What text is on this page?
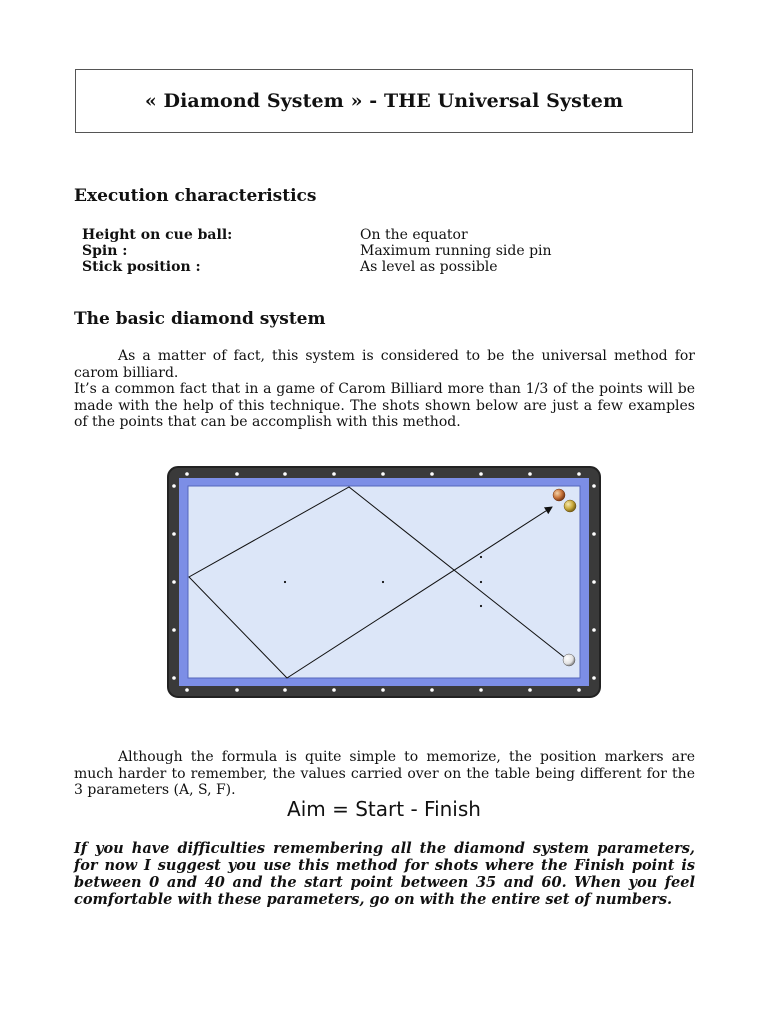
« Diamond System » - THE Universal System
Execution characteristics
Height on cue ball:	On the equator
Spin :	Maximum running side pin
Stick position :	As level as possible
The basic diamond system
As a matter of fact, this system is considered to be the universal method for carom billiard.
It’s a common fact that in a game of Carom Billiard more than 1/3 of the points will be made with the help of this technique. The shots shown below are just a few examples of the points that can be accomplish with this method.
Although the formula is quite simple to memorize, the position markers are much harder to remember, the values carried over on the table being different for the 3 parameters (A, S, F).
Aim = Start - Finish

If you have difficulties remembering all the diamond system parameters, for now I suggest you use this method for shots where the Finish point is between 0 and 40 and the start point between 35 and 60. When you feel comfortable with these parameters, go on with the entire set of numbers.
